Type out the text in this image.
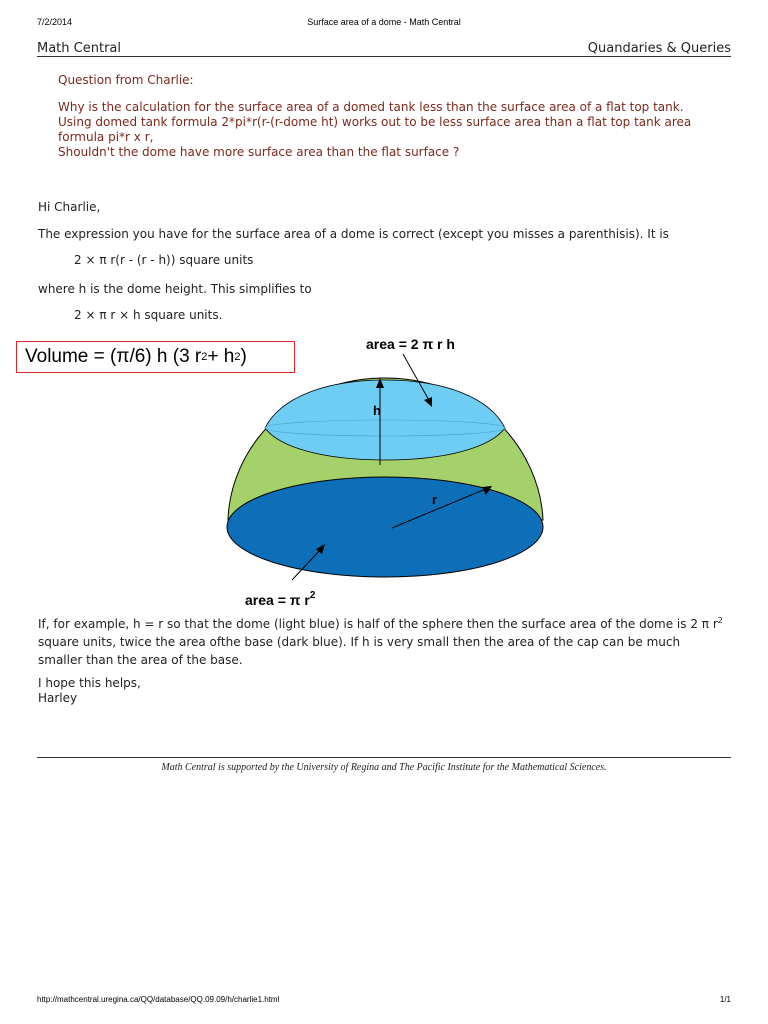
7/2/2014	Surface area of a dome - Math Central
Math Central	Quandaries & Queries

Question from Charlie:

Why is the calculation for the surface area of a domed tank less than the surface area of a flat top tank.

Using domed tank formula 2*pi*r(r-(r-dome ht) works out to be less surface area than a flat top tank area formula pi*r x r,

Shouldn't the dome have more surface area than the flat surface ?

Hi Charlie,
The expression you have for the surface area of a dome is correct (except you misses a parenthisis). It is
2 × π r(r - (r - h)) square units
where h is the dome height. This simplifies to
2 × π r × h square units.
Volume = (π/6) h (3 r 2 + h 2 )
h
area = 2 π r h
r
area = π $r^2$
If, for example, h = r so that the dome (light blue) is half of the sphere then the surface area of the dome is 2 π $r^2$ square units, twice the area ofthe base (dark blue). If h is very small then the area of the cap can be much smaller than the area of the base.
I hope this helps,
Harley
Math Central is supported by the University of Regina and The Pacific Institute for the Mathematical Sciences.
http://mathcentral.uregina.ca/QQ/database/QQ.09.09/h/charlie1.html	1/1
